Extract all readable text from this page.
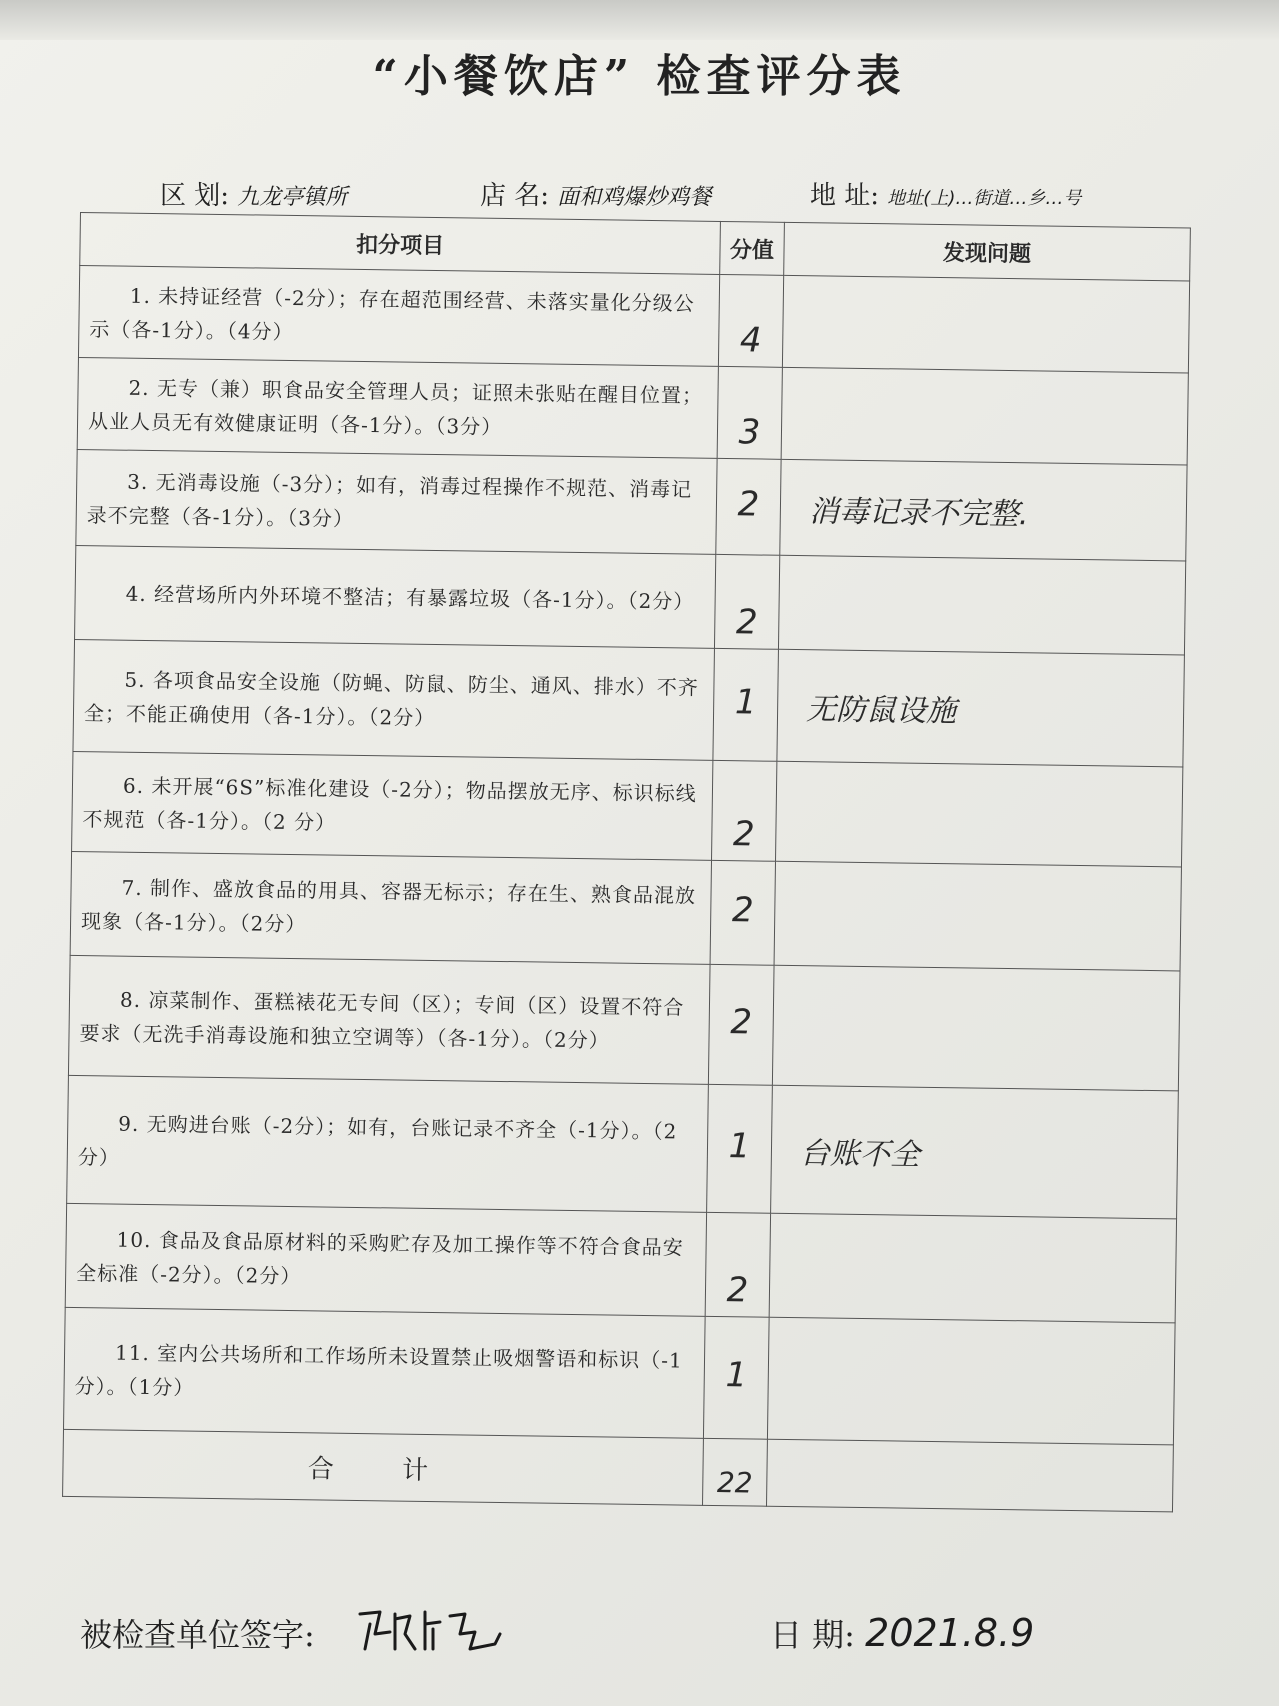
“小餐饮店” 检查评分表
区 划: 九龙亭镇所	店 名: 面和鸡爆炒鸡餐	地 址: 地址(上)…街道…乡…号
扣分项目	分值	发现问题
1. 未持证经营（-2分）；存在超范围经营、未落实量化分级公示（各-1分）。（4分）	4	
2. 无专（兼）职食品安全管理人员；证照未张贴在醒目位置；从业人员无有效健康证明（各-1分）。（3分）	3	
3. 无消毒设施（-3分）；如有，消毒过程操作不规范、消毒记录不完整（各-1分）。（3分）	2	消毒记录不完整.
4. 经营场所内外环境不整洁；有暴露垃圾（各-1分）。（2分）	2	
5. 各项食品安全设施（防蝇、防鼠、防尘、通风、排水）不齐全；不能正确使用（各-1分）。（2分）	1	无防鼠设施
6. 未开展“6S”标准化建设（-2分）；物品摆放无序、标识标线不规范（各-1分）。（2 分）	2	
7. 制作、盛放食品的用具、容器无标示；存在生、熟食品混放现象（各-1分）。（2分）	2	
8. 凉菜制作、蛋糕裱花无专间（区）；专间（区）设置不符合要求（无洗手消毒设施和独立空调等）（各-1分）。（2分）	2	
9. 无购进台账（-2分）；如有，台账记录不齐全（-1分）。（2分）	1	台账不全
10. 食品及食品原材料的采购贮存及加工操作等不符合食品安全标准（-2分）。（2分）	2	
11. 室内公共场所和工作场所未设置禁止吸烟警语和标识（-1分）。（1分）	1	
合 计	22	
被检查单位签字:	日 期: 2021.8.9
